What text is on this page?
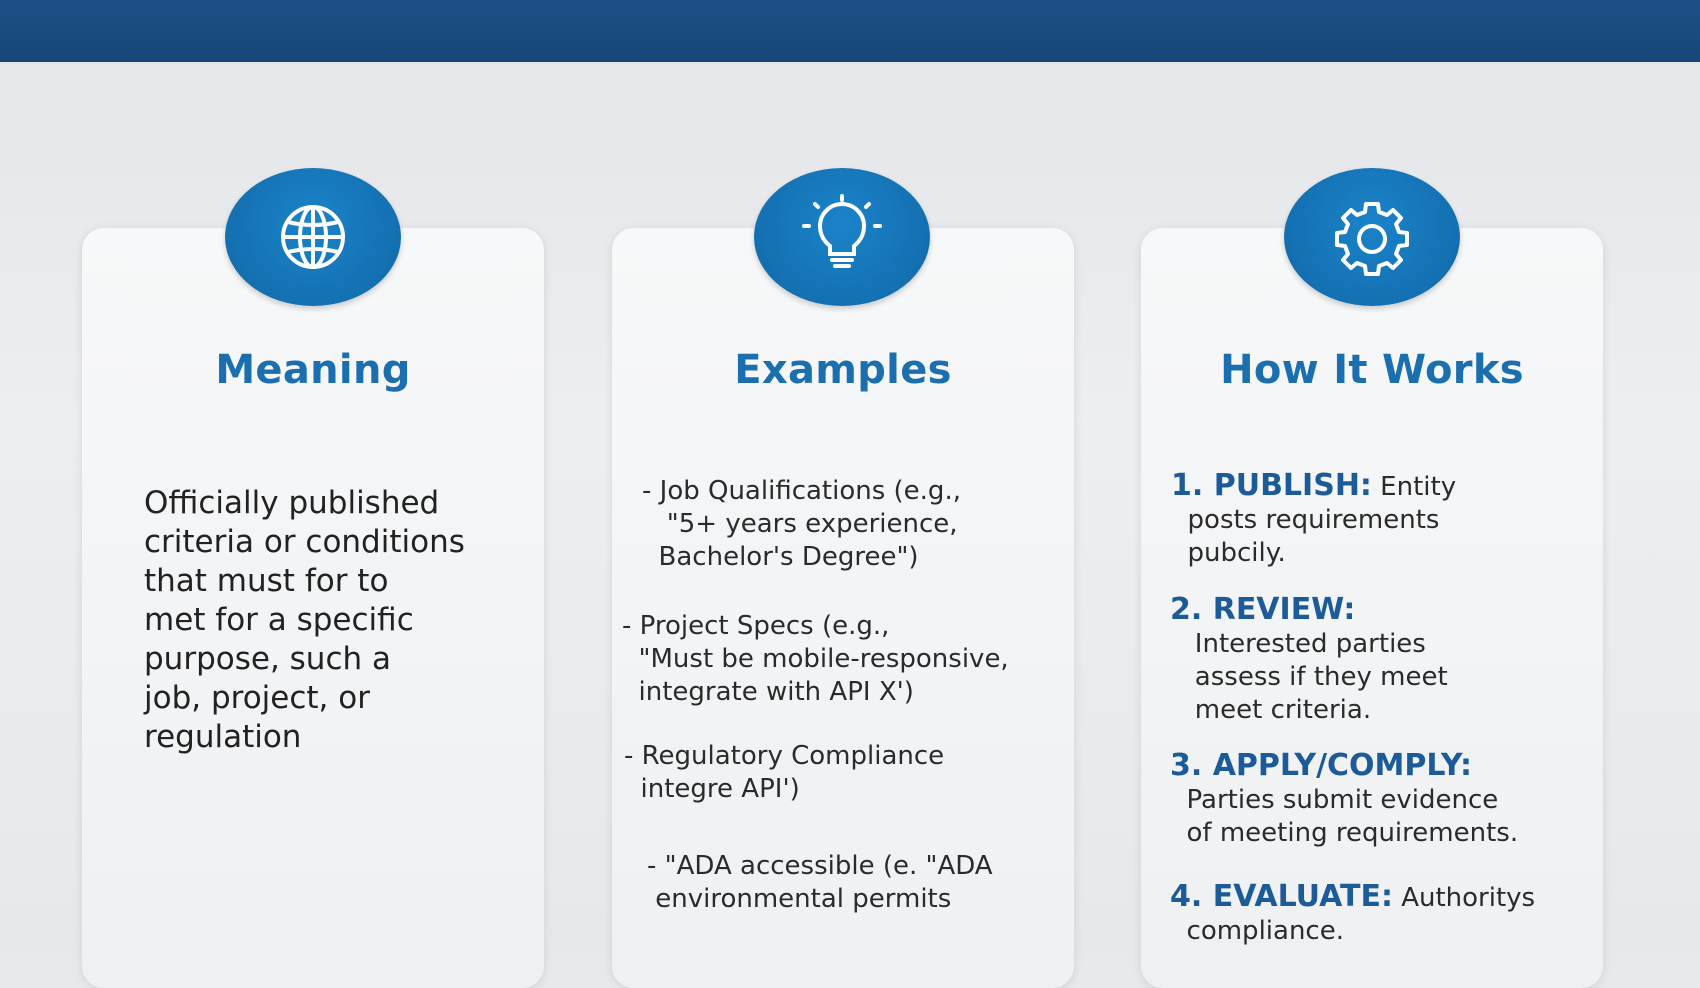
Meaning	Examples	How It Works
Officially published
criteria or conditions
that must for to
met for a specific
purpose, such a
job, project, or
regulation
- Job Qualifications (e.g.,
"5+ years experience,
Bachelor's Degree")
- Project Specs (e.g.,
"Must be mobile-responsive,
integrate with API X')
- Regulatory Compliance
integre API')
- "ADA accessible (e. "ADA
environmental permits
1. PUBLISH: Entity
posts requirements
pubcily.
2. REVIEW:
Interested parties
assess if they meet
meet criteria.
3. APPLY/COMPLY:
Parties submit evidence
of meeting requirements.
4. EVALUATE: Authoritys
compliance.
